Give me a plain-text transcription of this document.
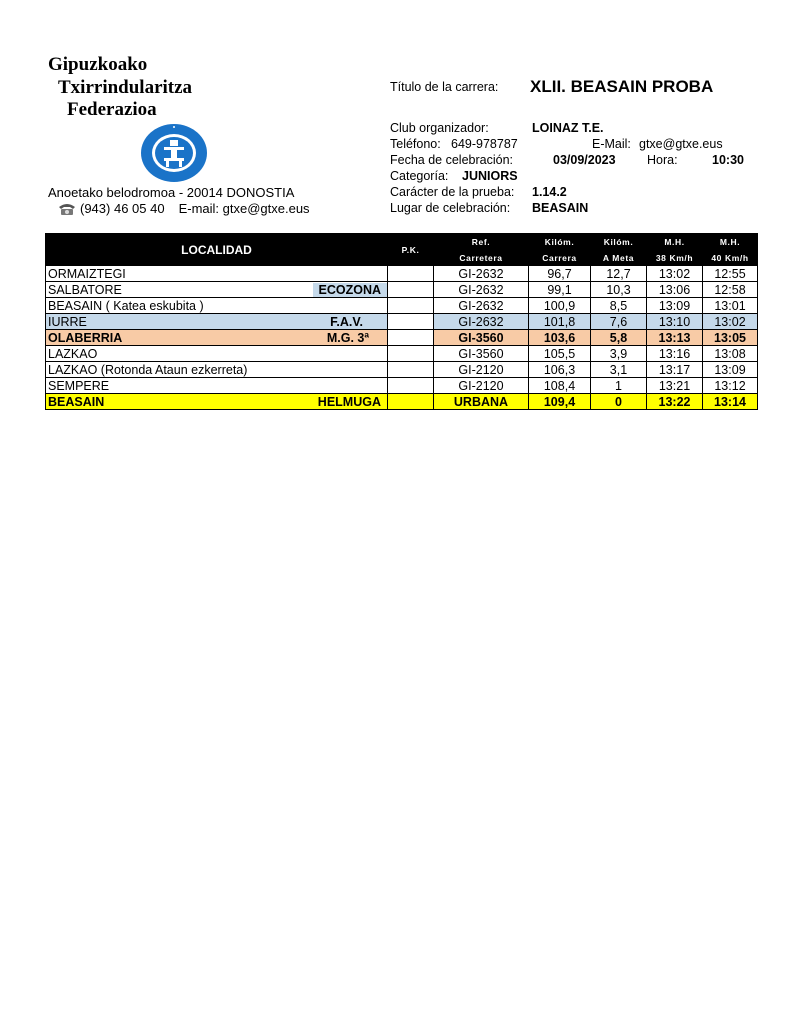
Gipuzkoako
Txirrindularitza
Federazioa
Anoetako belodromoa - 20014 DONOSTIA
(943) 46 05 40 E-mail: gtxe@gtxe.eus
Título de la carrera: XLII. BEASAIN PROBA
Club organizador:	LOINAZ T.E.
Teléfono: 649-978787	E-Mail: gtxe@gtxe.eus
Fecha de celebración:	03/09/2023	Hora:	10:30
Categoría: JUNIORS
Carácter de la prueba: 1.14.2
Lugar de celebración: BEASAIN
LOCALIDAD	P.K.	Ref.	Kilóm.	Kilóm.	M.H.	M.H.
		Carretera	Carrera	A Meta	38 Km/h	40 Km/h

ORMAIZTEGI		GI-2632	96,7	12,7	13:02	12:55

SALBATORE ECOZONA		GI-2632	99,1	10,3	13:06	12:58

BEASAIN ( Katea eskubita )		GI-2632	100,9	8,5	13:09	13:01

IURRE F.A.V.		GI-2632	101,8	7,6	13:10	13:02

OLABERRIA M.G. 3ª		GI-3560	103,6	5,8	13:13	13:05

LAZKAO		GI-3560	105,5	3,9	13:16	13:08

LAZKAO (Rotonda Ataun ezkerreta)		GI-2120	106,3	3,1	13:17	13:09

SEMPERE		GI-2120	108,4	1	13:21	13:12

BEASAIN HELMUGA		URBANA	109,4	0	13:22	13:14
